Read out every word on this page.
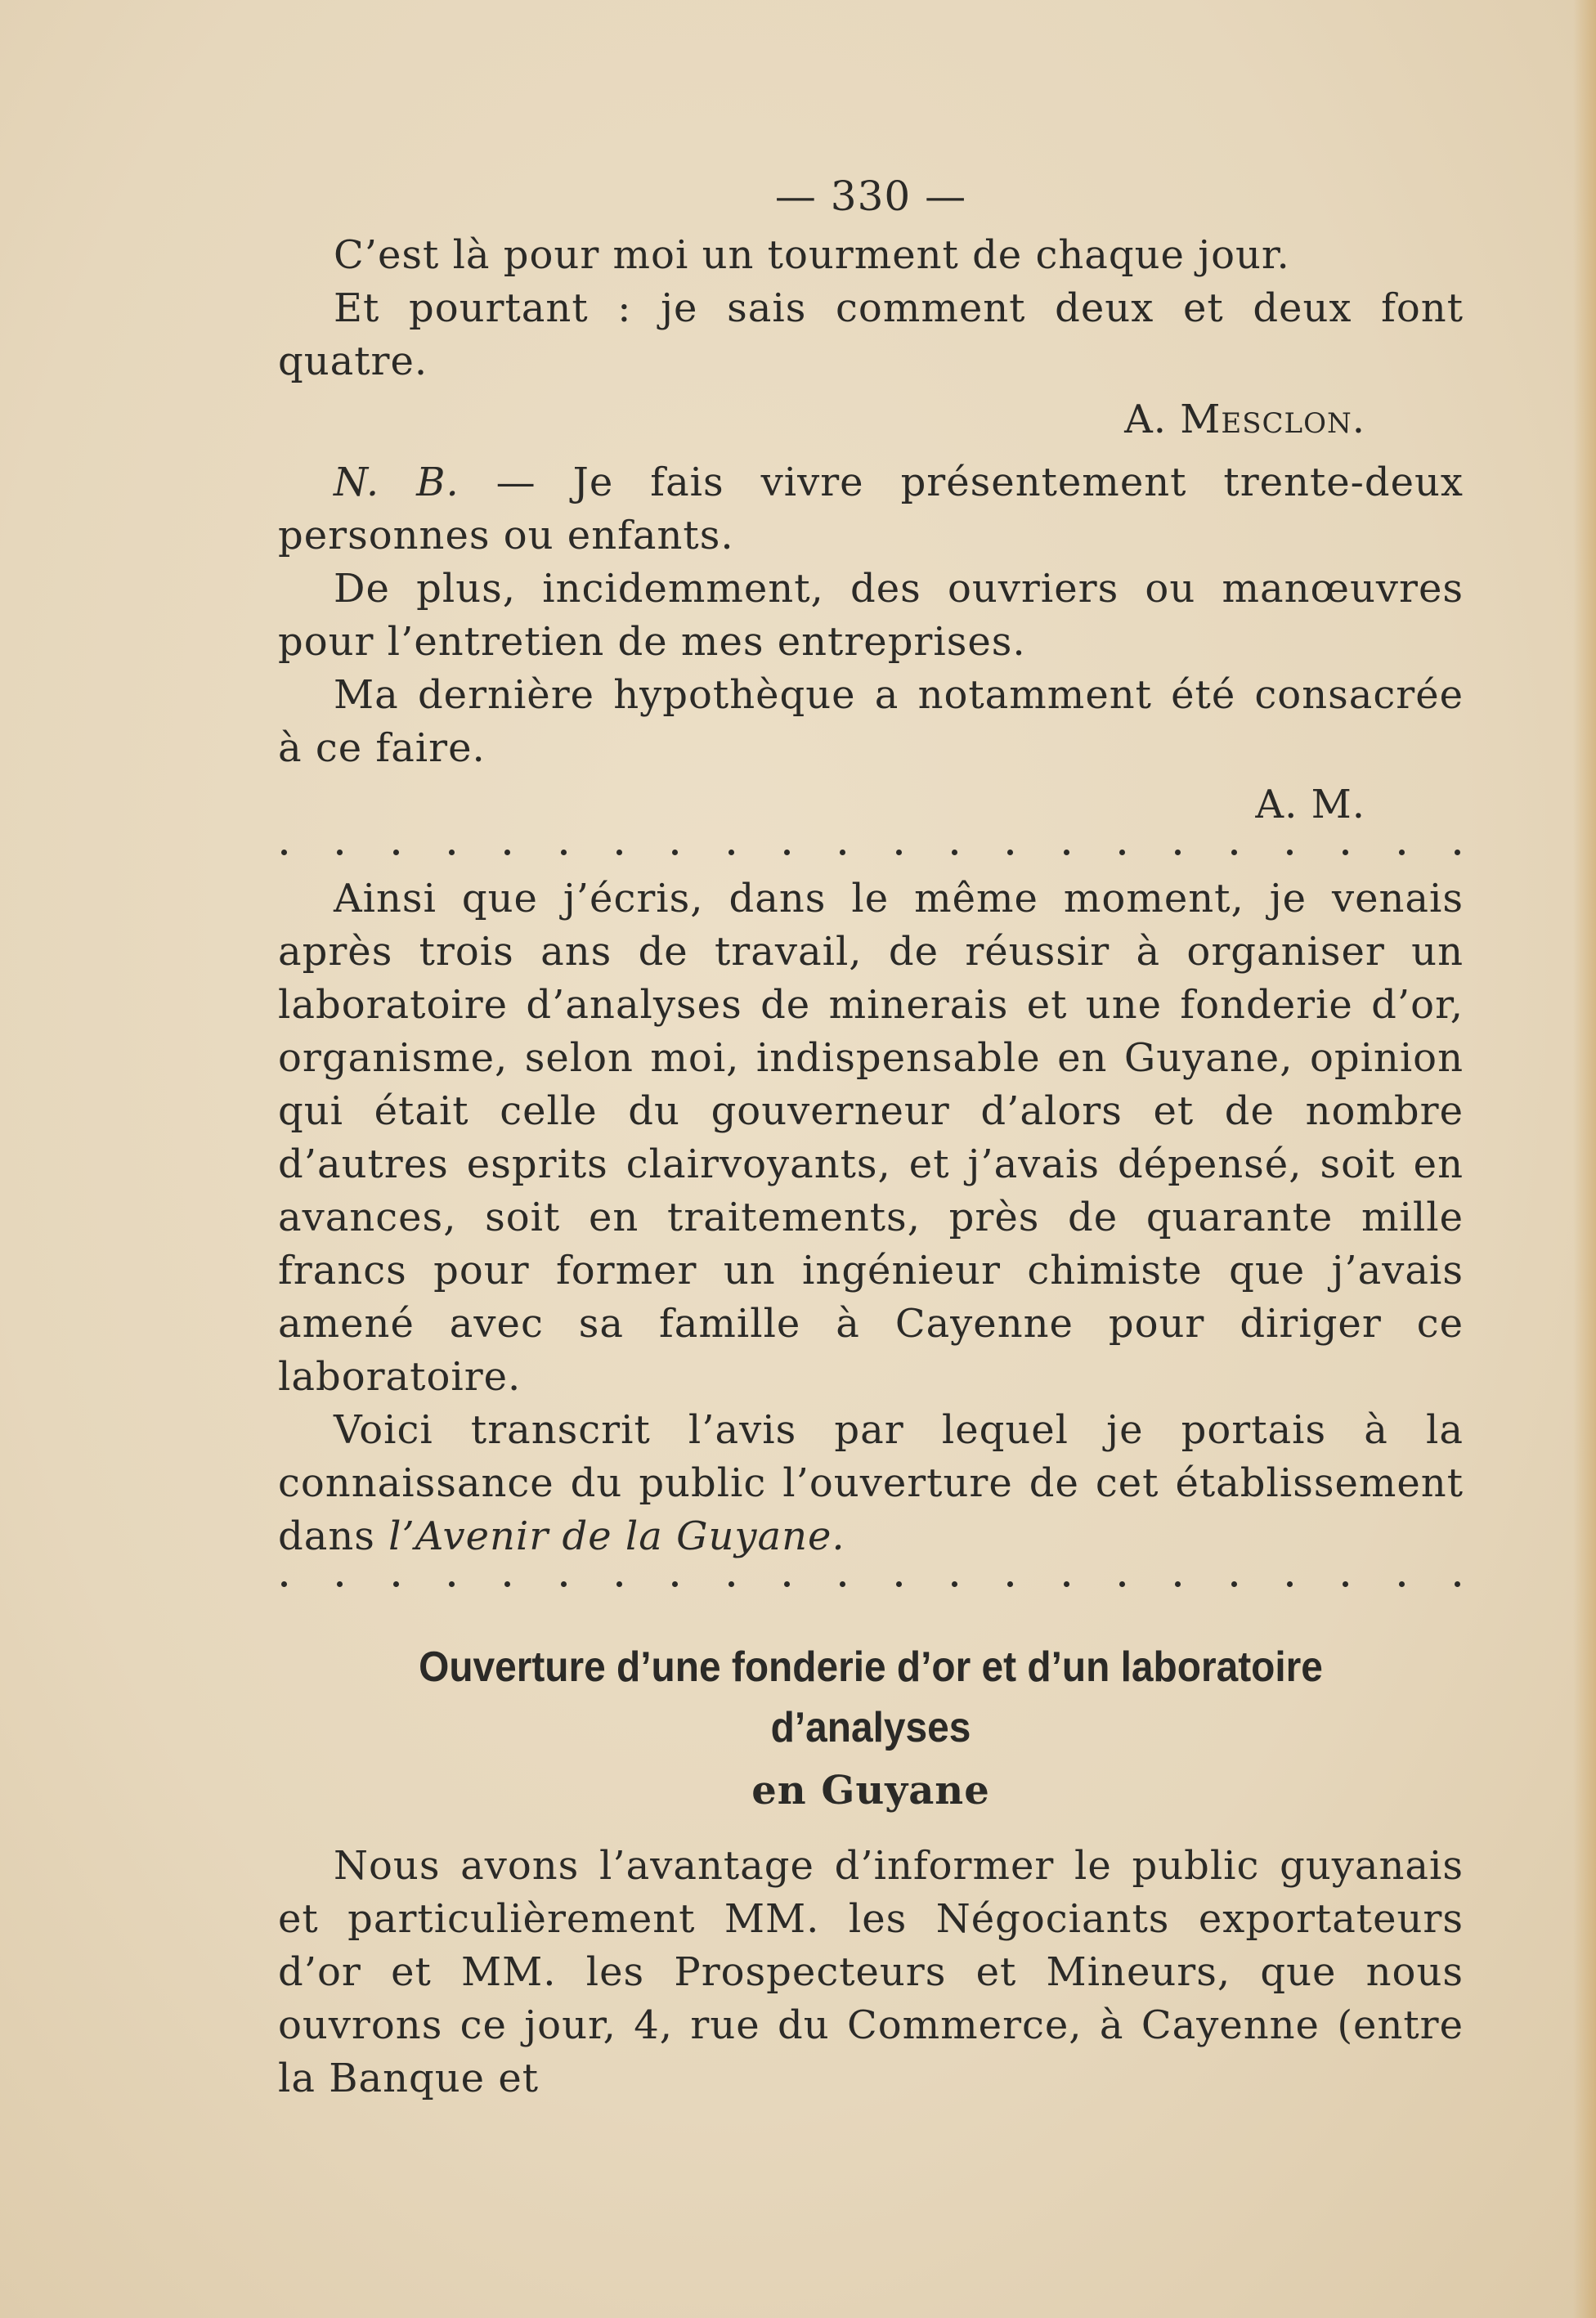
— 330 —

C’est là pour moi un tourment de chaque jour.

Et pourtant : je sais comment deux et deux font quatre.

A. Mesclon.

N. B. — Je fais vivre présentement trente-deux personnes ou enfants.

De plus, incidemment, des ouvriers ou manœuvres pour l’entretien de mes entreprises.

Ma dernière hypothèque a notamment été consacrée à ce faire.

A. M.

Ainsi que j’écris, dans le même moment, je venais après trois ans de travail, de réussir à organiser un laboratoire d’analyses de minerais et une fonderie d’or, organisme, selon moi, indispensable en Guyane, opinion qui était celle du gouverneur d’alors et de nombre d’autres esprits clairvoyants, et j’avais dépensé, soit en avances, soit en traitements, près de quarante mille francs pour former un ingénieur chimiste que j’avais amené avec sa famille à Cayenne pour diriger ce laboratoire.

Voici transcrit l’avis par lequel je portais à la connaissance du public l’ouverture de cet établissement dans l’Avenir de la Guyane.

Ouverture d’une fonderie d’or et d’un laboratoire d’analyses
en Guyane

Nous avons l’avantage d’informer le public guyanais et particulièrement MM. les Négociants exportateurs d’or et MM. les Prospecteurs et Mineurs, que nous ouvrons ce jour, 4, rue du Commerce, à Cayenne (entre la Banque et
